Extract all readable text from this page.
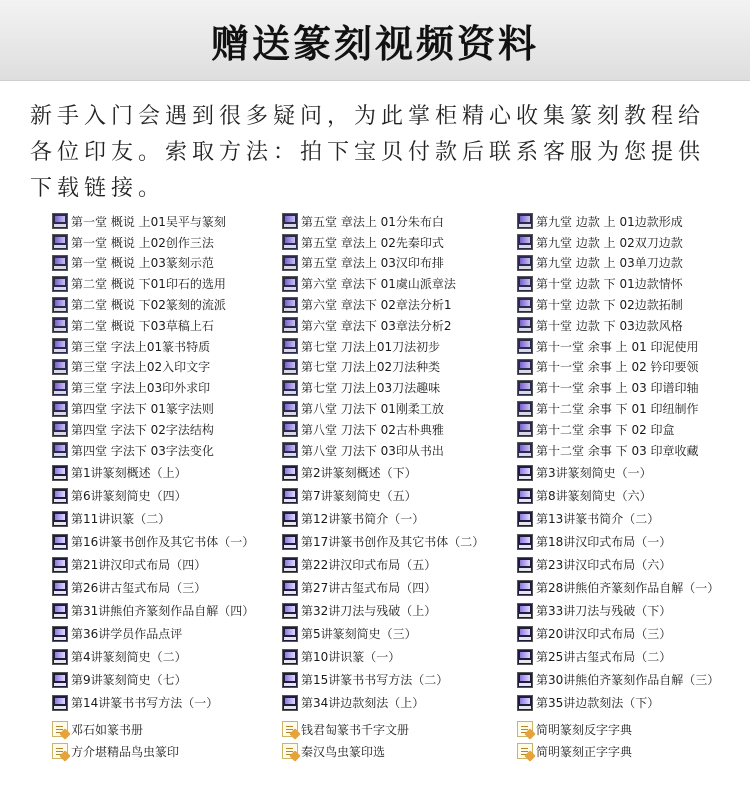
赠送篆刻视频资料
新手入门会遇到很多疑问，为此掌柜精心收集篆刻教程给各位印友。索取方法：拍下宝贝付款后联系客服为您提供下载链接。
第一堂 概说 上01吴平与篆刻
第一堂 概说 上02创作三法
第一堂 概说 上03篆刻示范
第二堂 概说 下01印石的选用
第二堂 概说 下02篆刻的流派
第二堂 概说 下03草稿上石
第三堂 字法上01篆书特质
第三堂 字法上02入印文字
第三堂 字法上03印外求印
第四堂 字法下 01篆字法则
第四堂 字法下 02字法结构
第四堂 字法下 03字法变化
第五堂 章法上 01分朱布白
第五堂 章法上 02先秦印式
第五堂 章法上 03汉印布排
第六堂 章法下 01虞山派章法
第六堂 章法下 02章法分析1
第六堂 章法下 03章法分析2
第七堂 刀法上01刀法初步
第七堂 刀法上02刀法种类
第七堂 刀法上03刀法趣味
第八堂 刀法下 01刚柔工放
第八堂 刀法下 02古朴典雅
第八堂 刀法下 03印从书出
第九堂 边款 上 01边款形成
第九堂 边款 上 02双刀边款
第九堂 边款 上 03单刀边款
第十堂 边款 下 01边款情怀
第十堂 边款 下 02边款拓制
第十堂 边款 下 03边款风格
第十一堂 余事 上 01 印泥使用
第十一堂 余事 上 02 钤印要领
第十一堂 余事 上 03 印谱印轴
第十二堂 余事 下 01 印纽制作
第十二堂 余事 下 02 印盒
第十二堂 余事 下 03 印章收藏
第1讲篆刻概述（上）
第6讲篆刻简史（四）
第11讲识篆（二）
第16讲篆书创作及其它书体（一）
第21讲汉印式布局（四）
第26讲古玺式布局（三）
第31讲熊伯齐篆刻作品自解（四）
第36讲学员作品点评
第4讲篆刻简史（二）
第9讲篆刻简史（七）
第14讲篆书书写方法（一）
第2讲篆刻概述（下）
第7讲篆刻简史（五）
第12讲篆书简介（一）
第17讲篆书创作及其它书体（二）
第22讲汉印式布局（五）
第27讲古玺式布局（四）
第32讲刀法与残破（上）
第5讲篆刻简史（三）
第10讲识篆（一）
第15讲篆书书写方法（二）
第34讲边款刻法（上）
第3讲篆刻简史（一）
第8讲篆刻简史（六）
第13讲篆书简介（二）
第18讲汉印式布局（一）
第23讲汉印式布局（六）
第28讲熊伯齐篆刻作品自解（一）
第33讲刀法与残破（下）
第20讲汉印式布局（三）
第25讲古玺式布局（二）
第30讲熊伯齐篆刻作品自解（三）
第35讲边款刻法（下）
邓石如篆书册
方介堪精品鸟虫篆印
钱君匋篆书千字文册
秦汉鸟虫篆印选
简明篆刻反字字典
简明篆刻正字字典
